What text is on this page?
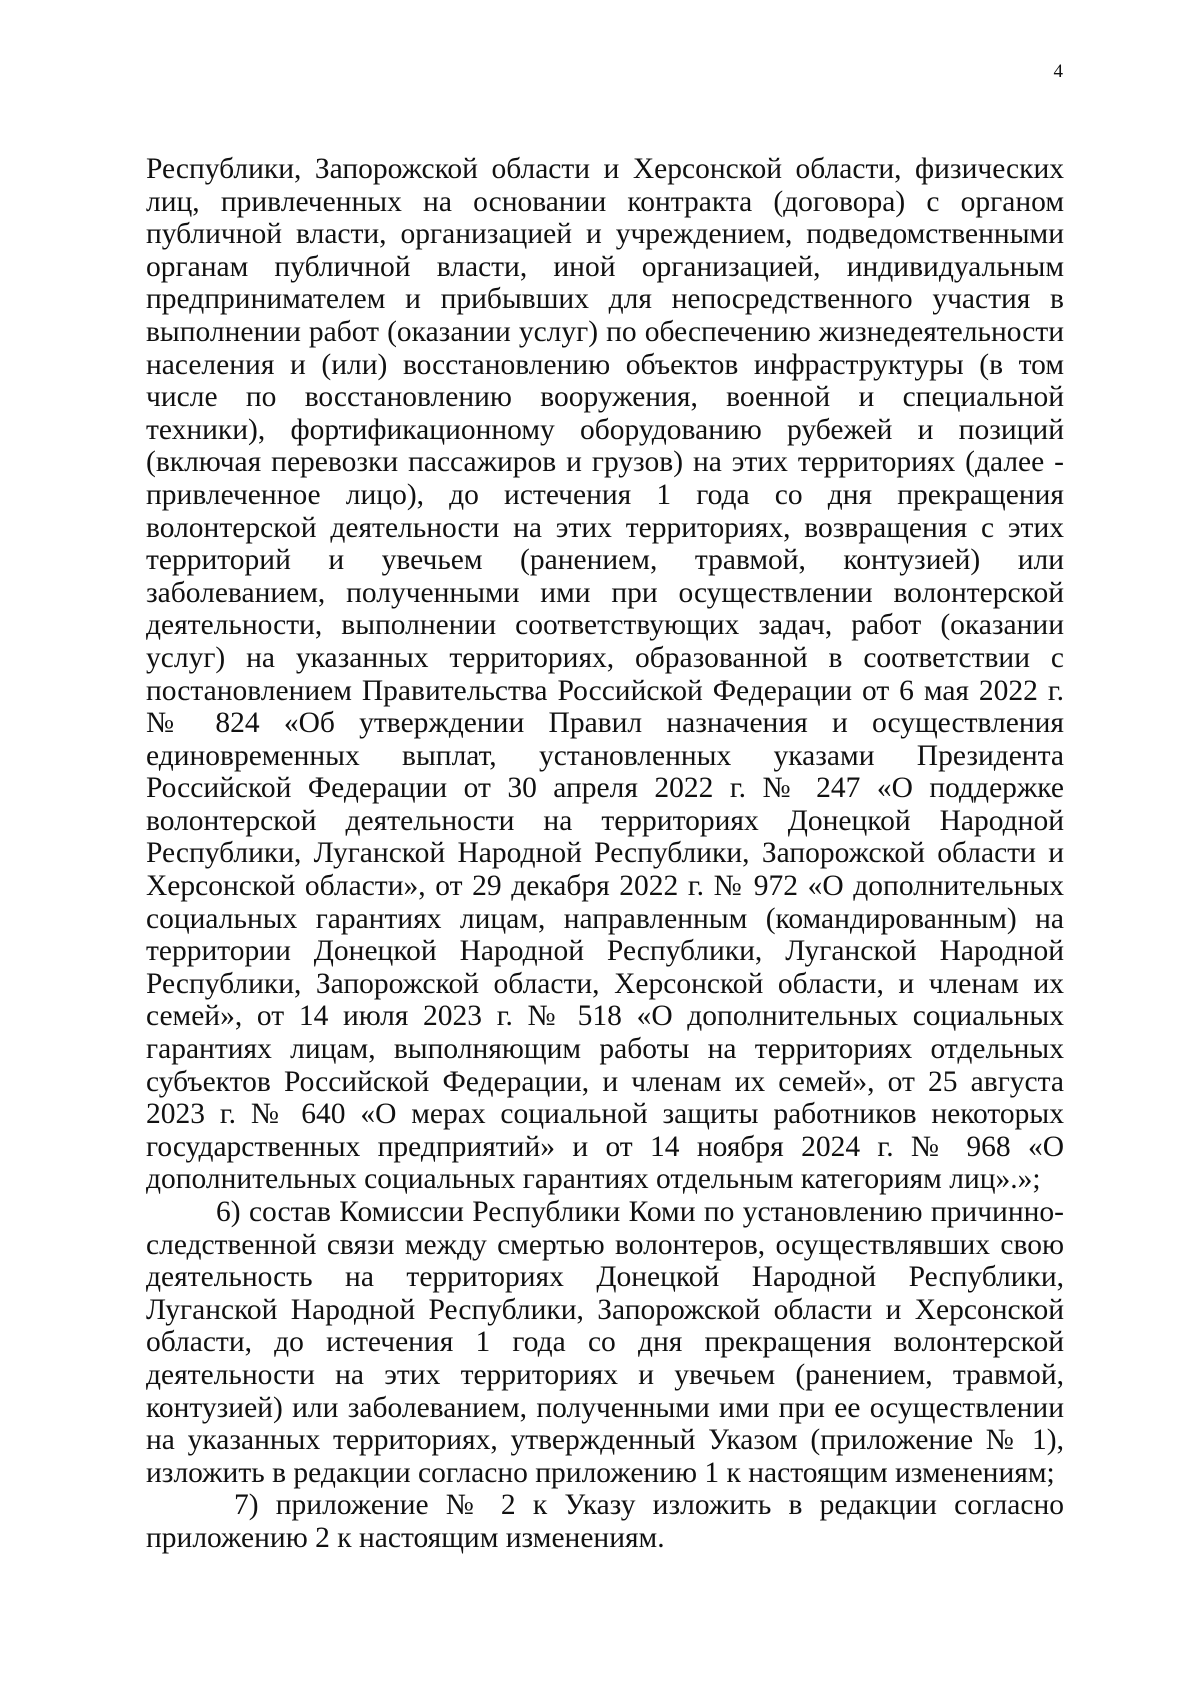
4

Республики, Запорожской области и Херсонской области, физических лиц, привлеченных на основании контракта (договора) с органом публичной власти, организацией и учреждением, подведомственными органам публичной власти, иной организацией, индивидуальным предпринимателем и прибывших для непосредственного участия в выполнении работ (оказании услуг) по обеспечению жизнедеятельности населения и (или) восстановлению объектов инфраструктуры (в том числе по восстановлению вооружения, военной и специальной техники), фортификационному оборудованию рубежей и позиций (включая перевозки пассажиров и грузов) на этих территориях (далее - привлеченное лицо), до истечения 1 года со дня прекращения волонтерской деятельности на этих территориях, возвращения с этих территорий и увечьем (ранением, травмой, контузией) или заболеванием, полученными ими при осуществлении волонтерской деятельности, выполнении соответствующих задач, работ (оказании услуг) на указанных территориях, образованной в соответствии с постановлением Правительства Российской Федерации от 6 мая 2022 г. № 824 «Об утверждении Правил назначения и осуществления единовременных выплат, установленных указами Президента Российской Федерации от 30 апреля 2022 г. № 247 «О поддержке волонтерской деятельности на территориях Донецкой Народной Республики, Луганской Народной Республики, Запорожской области и Херсонской области», от 29 декабря 2022 г. № 972 «О дополнительных социальных гарантиях лицам, направленным (командированным) на территории Донецкой Народной Республики, Луганской Народной Республики, Запорожской области, Херсонской области, и членам их семей», от 14 июля 2023 г. № 518 «О дополнительных социальных гарантиях лицам, выполняющим работы на территориях отдельных субъектов Российской Федерации, и членам их семей», от 25 августа 2023 г. № 640 «О мерах социальной защиты работников некоторых государственных предприятий» и от 14 ноября 2024 г. № 968 «О дополнительных социальных гарантиях отдельным категориям лиц».»;

6) состав Комиссии Республики Коми по установлению причинно-следственной связи между смертью волонтеров, осуществлявших свою деятельность на территориях Донецкой Народной Республики, Луганской Народной Республики, Запорожской области и Херсонской области, до истечения 1 года со дня прекращения волонтерской деятельности на этих территориях и увечьем (ранением, травмой, контузией) или заболеванием, полученными ими при ее осуществлении на указанных территориях, утвержденный Указом (приложение № 1), изложить в редакции согласно приложению 1 к настоящим изменениям;

7) приложение № 2 к Указу изложить в редакции согласно приложению 2 к настоящим изменениям.
